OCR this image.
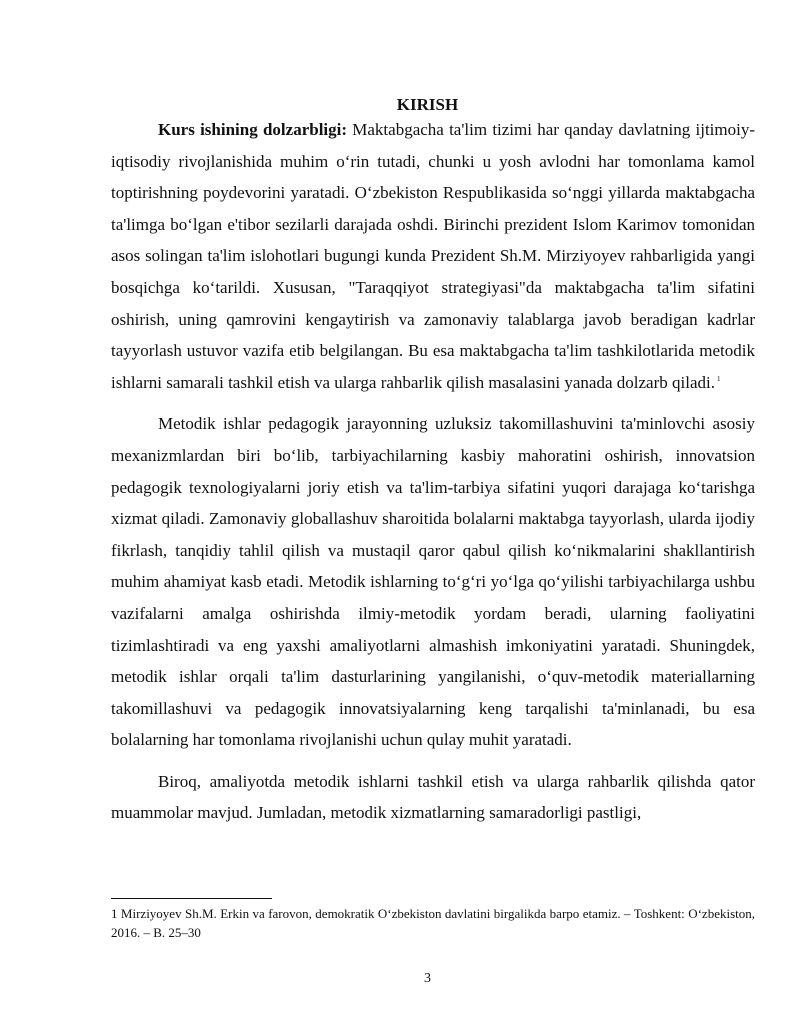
KIRISH

Kurs ishining dolzarbligi: Maktabgacha ta'lim tizimi har qanday davlatning ijtimoiy-iqtisodiy rivojlanishida muhim oʻrin tutadi, chunki u yosh avlodni har tomonlama kamol toptirishning poydevorini yaratadi. Oʻzbekiston Respublikasida soʻnggi yillarda maktabgacha ta'limga boʻlgan e'tibor sezilarli darajada oshdi. Birinchi prezident Islom Karimov tomonidan asos solingan ta'lim islohotlari bugungi kunda Prezident Sh.M. Mirziyoyev rahbarligida yangi bosqichga koʻtarildi. Xususan, "Taraqqiyot strategiyasi"da maktabgacha ta'lim sifatini oshirish, uning qamrovini kengaytirish va zamonaviy talablarga javob beradigan kadrlar tayyorlash ustuvor vazifa etib belgilangan. Bu esa maktabgacha ta'lim tashkilotlarida metodik ishlarni samarali tashkil etish va ularga rahbarlik qilish masalasini yanada dolzarb qiladi. $^1$

Metodik ishlar pedagogik jarayonning uzluksiz takomillashuvini ta'minlovchi asosiy mexanizmlardan biri boʻlib, tarbiyachilarning kasbiy mahoratini oshirish, innovatsion pedagogik texnologiyalarni joriy etish va ta'lim-tarbiya sifatini yuqori darajaga koʻtarishga xizmat qiladi. Zamonaviy globallashuv sharoitida bolalarni maktabga tayyorlash, ularda ijodiy fikrlash, tanqidiy tahlil qilish va mustaqil qaror qabul qilish koʻnikmalarini shakllantirish muhim ahamiyat kasb etadi. Metodik ishlarning toʻgʻri yoʻlga qoʻyilishi tarbiyachilarga ushbu vazifalarni amalga oshirishda ilmiy-metodik yordam beradi, ularning faoliyatini tizimlashtiradi va eng yaxshi amaliyotlarni almashish imkoniyatini yaratadi. Shuningdek, metodik ishlar orqali ta'lim dasturlarining yangilanishi, oʻquv-metodik materiallarning takomillashuvi va pedagogik innovatsiyalarning keng tarqalishi ta'minlanadi, bu esa bolalarning har tomonlama rivojlanishi uchun qulay muhit yaratadi.

Biroq, amaliyotda metodik ishlarni tashkil etish va ularga rahbarlik qilishda qator muammolar mavjud. Jumladan, metodik xizmatlarning samaradorligi pastligi,

1 Mirziyoyev Sh.M. Erkin va farovon, demokratik Oʻzbekiston davlatini birgalikda barpo etamiz. – Toshkent: Oʻzbekiston, 2016. – B. 25–30
3
